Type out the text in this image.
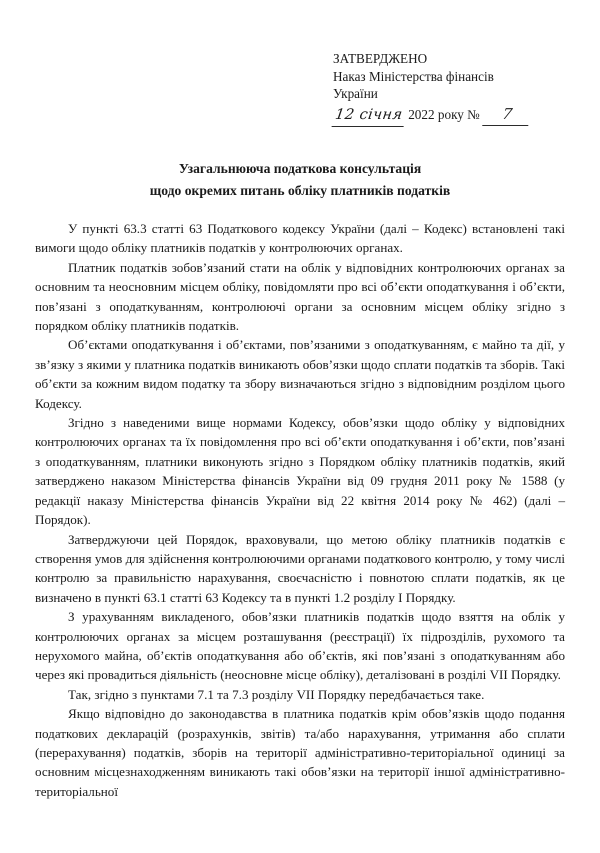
ЗАТВЕРДЖЕНО
Наказ Міністерства фінансів
України
12 січня 2022 року №	7
Узагальнююча податкова консультація
щодо окремих питань обліку платників податків

У пункті 63.3 статті 63 Податкового кодексу України (далі – Кодекс) встановлені такі вимоги щодо обліку платників податків у контролюючих органах.

Платник податків зобов’язаний стати на облік у відповідних контролюючих органах за основним та неосновним місцем обліку, повідомляти про всі об’єкти оподаткування і об’єкти, пов’язані з оподаткуванням, контролюючі органи за основним місцем обліку згідно з порядком обліку платників податків.

Об’єктами оподаткування і об’єктами, пов’язаними з оподаткуванням, є майно та дії, у зв’язку з якими у платника податків виникають обов’язки щодо сплати податків та зборів. Такі об’єкти за кожним видом податку та збору визначаються згідно з відповідним розділом цього Кодексу.

Згідно з наведеними вище нормами Кодексу, обов’язки щодо обліку у відповідних контролюючих органах та їх повідомлення про всі об’єкти оподаткування і об’єкти, пов’язані з оподаткуванням, платники виконують згідно з Порядком обліку платників податків, який затверджено наказом Міністерства фінансів України від 09 грудня 2011 року № 1588 (у редакції наказу Міністерства фінансів України від 22 квітня 2014 року № 462) (далі – Порядок).

Затверджуючи цей Порядок, враховували, що метою обліку платників податків є створення умов для здійснення контролюючими органами податкового контролю, у тому числі контролю за правильністю нарахування, своєчасністю і повнотою сплати податків, як це визначено в пункті 63.1 статті 63 Кодексу та в пункті 1.2 розділу I Порядку.

З урахуванням викладеного, обов’язки платників податків щодо взяття на облік у контролюючих органах за місцем розташування (реєстрації) їх підрозділів, рухомого та нерухомого майна, об’єктів оподаткування або об’єктів, які пов’язані з оподаткуванням або через які провадиться діяльність (неосновне місце обліку), деталізовані в розділі VII Порядку.

Так, згідно з пунктами 7.1 та 7.3 розділу VII Порядку передбачається таке.

Якщо відповідно до законодавства в платника податків крім обов’язків щодо подання податкових декларацій (розрахунків, звітів) та/або нарахування, утримання або сплати (перерахування) податків, зборів на території адміністративно-територіальної одиниці за основним місцезнаходженням виникають такі обов’язки на території іншої адміністративно-територіальної
